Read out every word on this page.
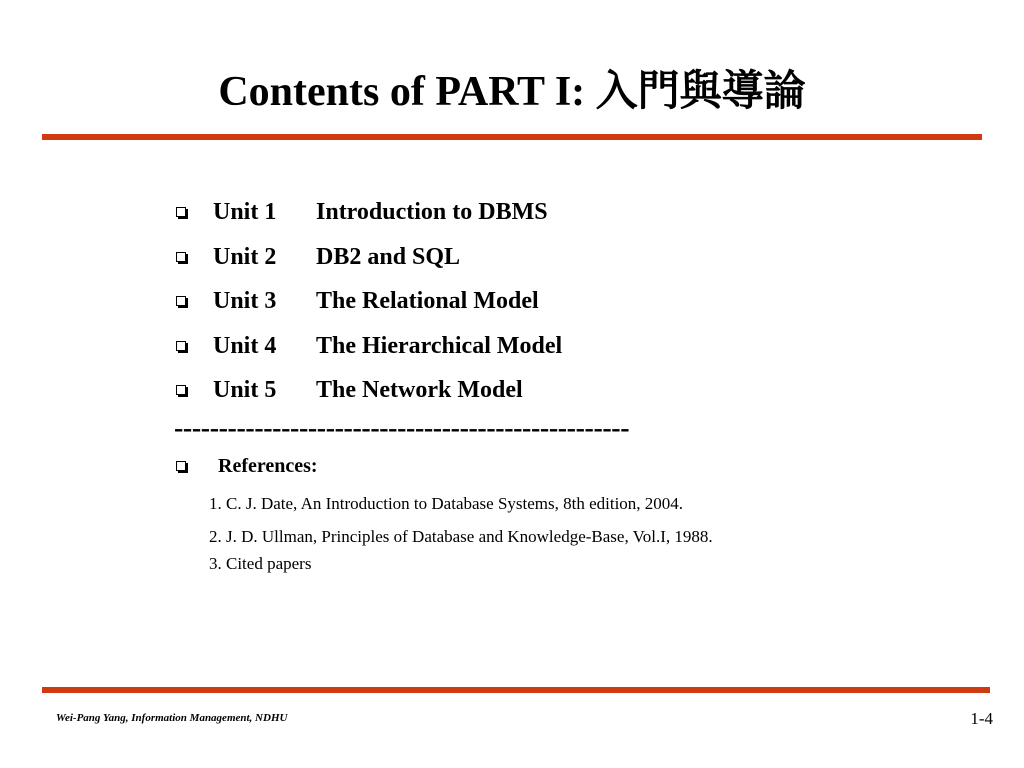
Contents of PART I: 入門與導論
Unit 1	Introduction to DBMS
Unit 2	DB2 and SQL
Unit 3	The Relational Model
Unit 4	The Hierarchical Model
Unit 5	The Network Model
---------------------------------------------------
References:
1. C. J. Date, An Introduction to Database Systems, 8th edition, 2004.
2. J. D. Ullman, Principles of Database and Knowledge-Base, Vol.I, 1988.
3. Cited papers
Wei-Pang Yang, Information Management, NDHU	1-4
